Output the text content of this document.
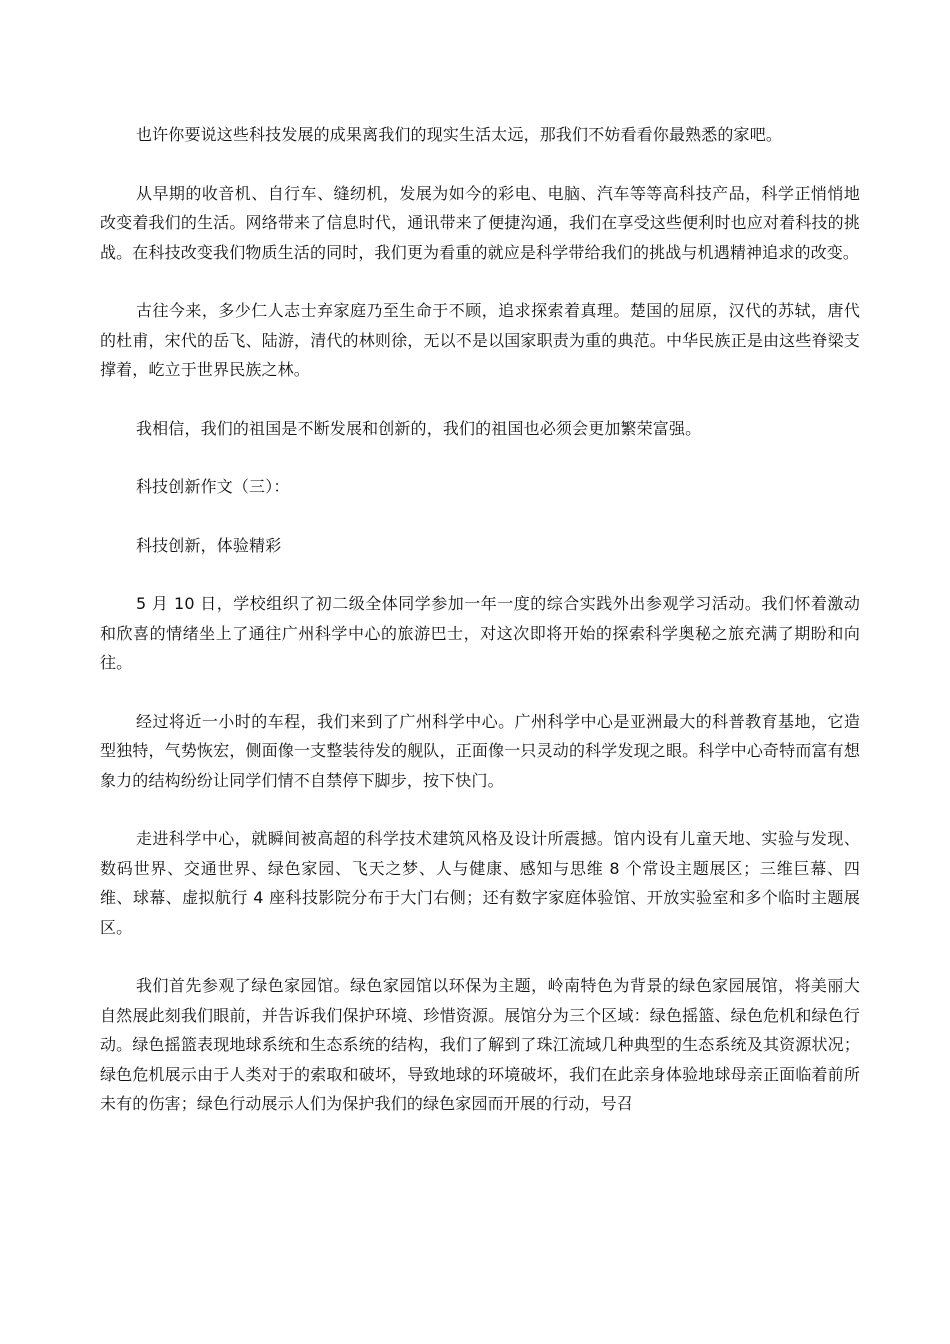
也许你要说这些科技发展的成果离我们的现实生活太远，那我们不妨看看你最熟悉的家吧。

从早期的收音机、自行车、缝纫机，发展为如今的彩电、电脑、汽车等等高科技产品，科学正悄悄地改变着我们的生活。网络带来了信息时代，通讯带来了便捷沟通，我们在享受这些便利时也应对着科技的挑战。在科技改变我们物质生活的同时，我们更为看重的就应是科学带给我们的挑战与机遇精神追求的改变。

古往今来，多少仁人志士弃家庭乃至生命于不顾，追求探索着真理。楚国的屈原，汉代的苏轼，唐代的杜甫，宋代的岳飞、陆游，清代的林则徐，无以不是以国家职责为重的典范。中华民族正是由这些脊梁支撑着，屹立于世界民族之林。

我相信，我们的祖国是不断发展和创新的，我们的祖国也必须会更加繁荣富强。

科技创新作文（三）：

科技创新，体验精彩

5 月 10 日，学校组织了初二级全体同学参加一年一度的综合实践外出参观学习活动。我们怀着激动和欣喜的情绪坐上了通往广州科学中心的旅游巴士，对这次即将开始的探索科学奥秘之旅充满了期盼和向往。

经过将近一小时的车程，我们来到了广州科学中心。广州科学中心是亚洲最大的科普教育基地，它造型独特，气势恢宏，侧面像一支整装待发的舰队，正面像一只灵动的科学发现之眼。科学中心奇特而富有想象力的结构纷纷让同学们情不自禁停下脚步，按下快门。

走进科学中心，就瞬间被高超的科学技术建筑风格及设计所震撼。馆内设有儿童天地、实验与发现、数码世界、交通世界、绿色家园、飞天之梦、人与健康、感知与思维 8 个常设主题展区；三维巨幕、四维、球幕、虚拟航行 4 座科技影院分布于大门右侧；还有数字家庭体验馆、开放实验室和多个临时主题展区。

我们首先参观了绿色家园馆。绿色家园馆以环保为主题，岭南特色为背景的绿色家园展馆，将美丽大自然展此刻我们眼前，并告诉我们保护环境、珍惜资源。展馆分为三个区域：绿色摇篮、绿色危机和绿色行动。绿色摇篮表现地球系统和生态系统的结构，我们了解到了珠江流域几种典型的生态系统及其资源状况；绿色危机展示由于人类对于的索取和破坏，导致地球的环境破坏，我们在此亲身体验地球母亲正面临着前所未有的伤害；绿色行动展示人们为保护我们的绿色家园而开展的行动，号召
